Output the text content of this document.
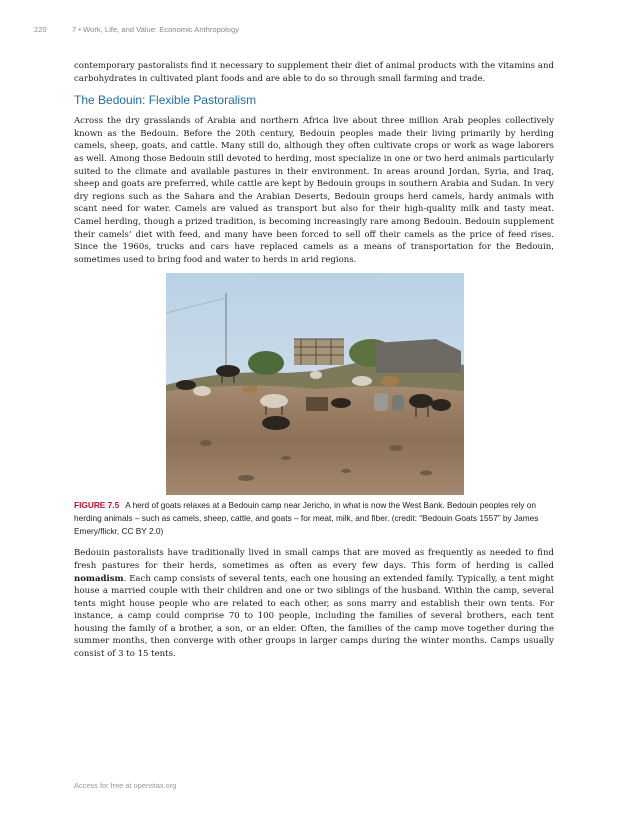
220	7 • Work, Life, and Value: Economic Anthropology

contemporary pastoralists find it necessary to supplement their diet of animal products with the vitamins and carbohydrates in cultivated plant foods and are able to do so through small farming and trade.

The Bedouin: Flexible Pastoralism

Across the dry grasslands of Arabia and northern Africa live about three million Arab peoples collectively known as the Bedouin. Before the 20th century, Bedouin peoples made their living primarily by herding camels, sheep, goats, and cattle. Many still do, although they often cultivate crops or work as wage laborers as well. Among those Bedouin still devoted to herding, most specialize in one or two herd animals particularly suited to the climate and available pastures in their environment. In areas around Jordan, Syria, and Iraq, sheep and goats are preferred, while cattle are kept by Bedouin groups in southern Arabia and Sudan. In very dry regions such as the Sahara and the Arabian Deserts, Bedouin groups herd camels, hardy animals with scant need for water. Camels are valued as transport but also for their high-quality milk and tasty meat. Camel herding, though a prized tradition, is becoming increasingly rare among Bedouin. Bedouin supplement their camels’ diet with feed, and many have been forced to sell off their camels as the price of feed rises. Since the 1960s, trucks and cars have replaced camels as a means of transportation for the Bedouin, sometimes used to bring food and water to herds in arid regions.

FIGURE 7.5 A herd of goats relaxes at a Bedouin camp near Jericho, in what is now the West Bank. Bedouin peoples rely on herding animals – such as camels, sheep, cattle, and goats – for meat, milk, and fiber. (credit: “Bedouin Goats 1557” by James Emery/flickr, CC BY 2.0)

Bedouin pastoralists have traditionally lived in small camps that are moved as frequently as needed to find fresh pastures for their herds, sometimes as often as every few days. This form of herding is called nomadism. Each camp consists of several tents, each one housing an extended family. Typically, a tent might house a married couple with their children and one or two siblings of the husband. Within the camp, several tents might house people who are related to each other, as sons marry and establish their own tents. For instance, a camp could comprise 70 to 100 people, including the families of several brothers, each tent housing the family of a brother, a son, or an elder. Often, the families of the camp move together during the summer months, then converge with other groups in larger camps during the winter months. Camps usually consist of 3 to 15 tents.

Access for free at openstax.org
